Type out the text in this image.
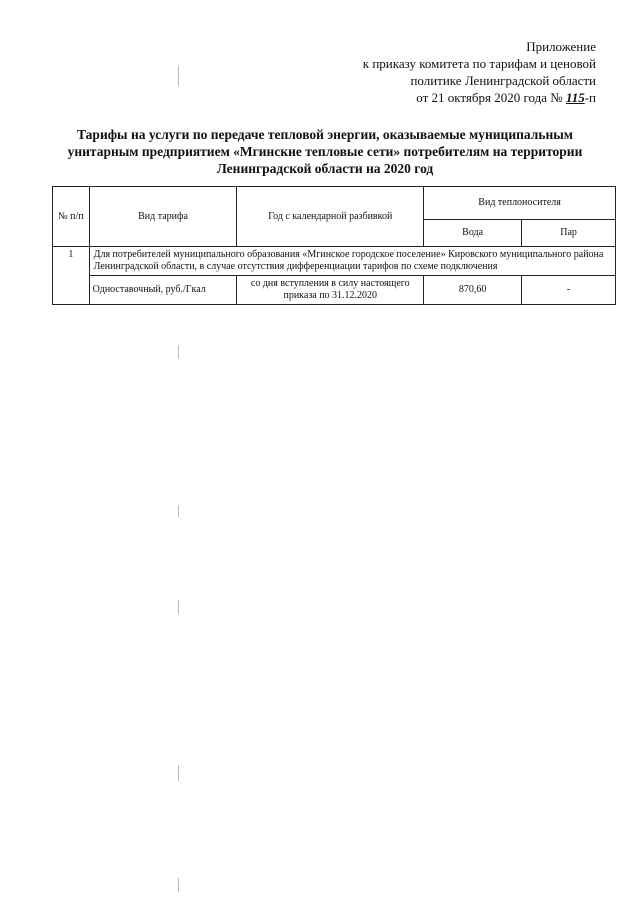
Приложение
к приказу комитета по тарифам и ценовой
политике Ленинградской области
от 21 октября 2020 года № 115-п
Тарифы на услуги по передаче тепловой энергии, оказываемые муниципальным
унитарным предприятием «Мгинские тепловые сети» потребителям на территории
Ленинградской области на 2020 год
№ п/п	Вид тарифа	Год с календарной разбивкой	Вид теплоносителя	
			Вода	Пар
1	Для потребителей муниципального образования «Мгинское городское поселение» Кировского муниципального района Ленинградской области, в случае отсутствия дифференциации тарифов по схеме подключения			
	Одноставочный, руб./Гкал	со дня вступления в силу настоящего приказа по 31.12.2020	870,60	-
